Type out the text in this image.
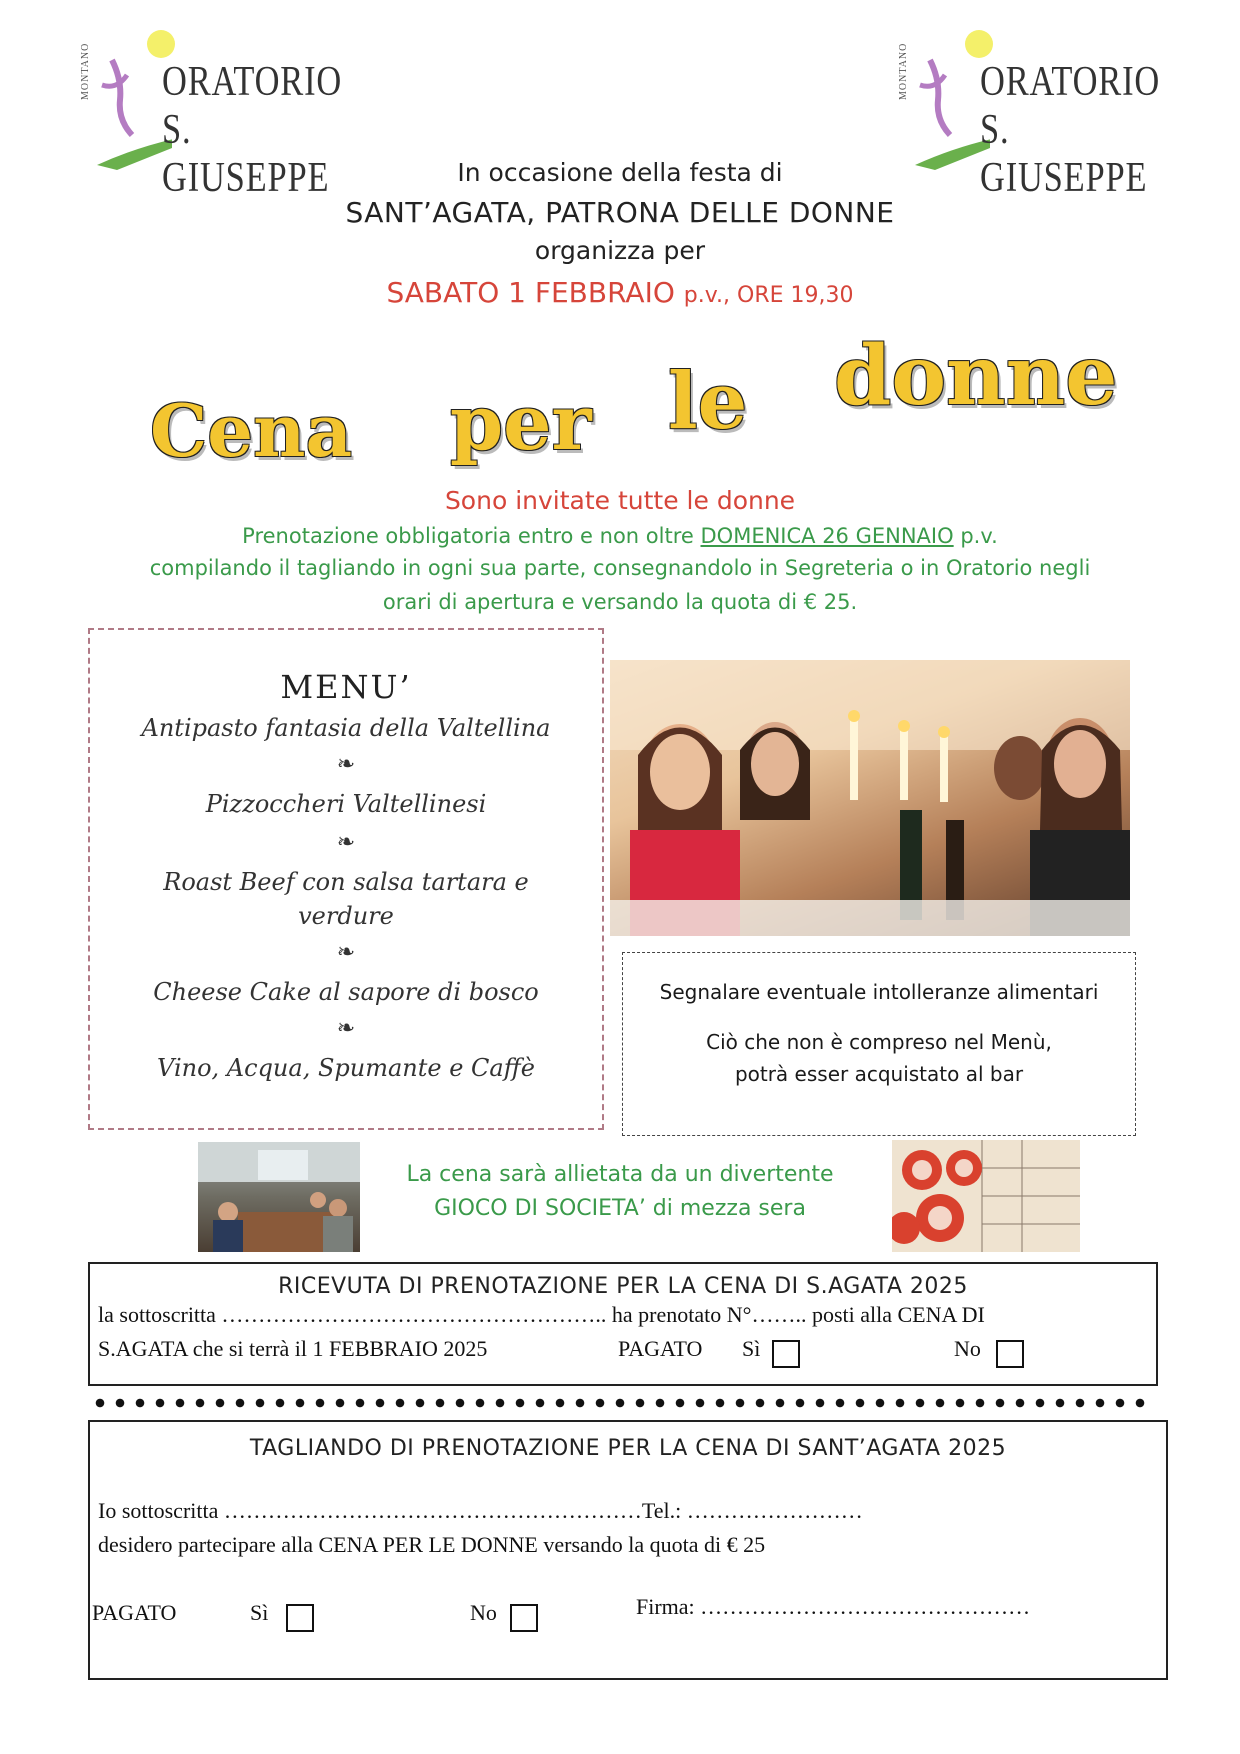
MONTANO ORATORIO
S. GIUSEPPE
MONTANO ORATORIO
S. GIUSEPPE
In occasione della festa di
SANT’AGATA, PATRONA DELLE DONNE
organizza per
SABATO 1 FEBBRAIO p.v., ORE 19,30
Cena per le donne
Sono invitate tutte le donne
Prenotazione obbligatoria entro e non oltre DOMENICA 26 GENNAIO p.v.
compilando il tagliando in ogni sua parte, consegnandolo in Segreteria o in Oratorio negli
orari di apertura e versando la quota di € 25.
MENU’
Antipasto fantasia della Valtellina
❧
Pizzoccheri Valtellinesi
❧
Roast Beef con salsa tartara e
verdure
❧
Cheese Cake al sapore di bosco
❧
Vino, Acqua, Spumante e Caffè
Segnalare eventuale intolleranze alimentari
Ciò che non è compreso nel Menù,
potrà esser acquistato al bar
La cena sarà allietata da un divertente
GIOCO DI SOCIETA’ di mezza sera
RICEVUTA DI PRENOTAZIONE PER LA CENA DI S.AGATA 2025
la sottoscritta …………………………………………….. ha prenotato N°…….. posti alla CENA DI
S.AGATA che si terrà il 1 FEBBRAIO 2025	PAGATO Sì	No
TAGLIANDO DI PRENOTAZIONE PER LA CENA DI SANT’AGATA 2025
Io sottoscritta …………………………………………………Tel.: ……………………
desidero partecipare alla CENA PER LE DONNE versando la quota di € 25
PAGATO	Sì	No	Firma: ………………………………………
